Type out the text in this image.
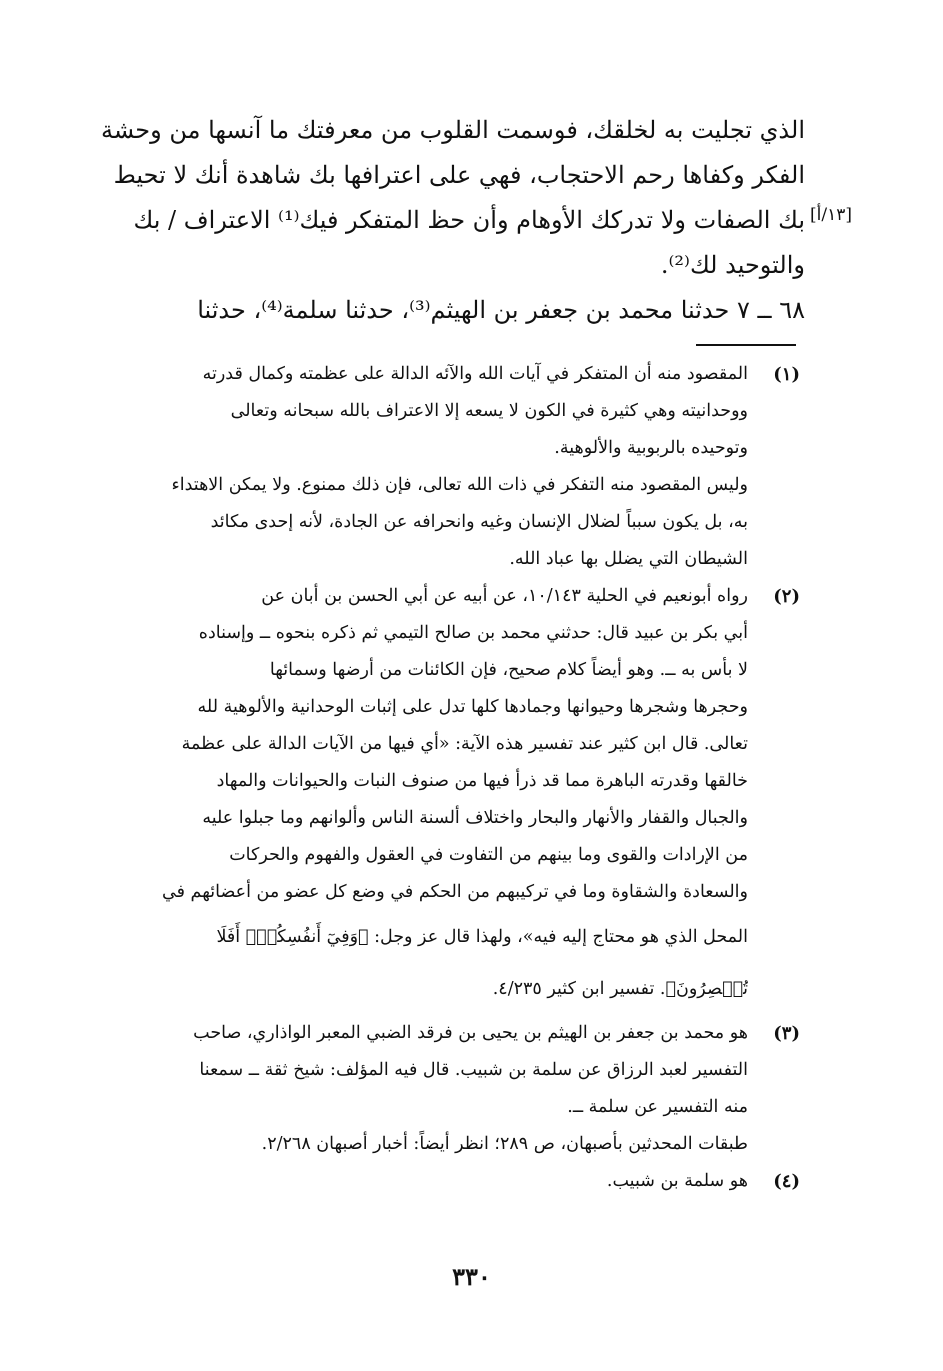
[١٣/أ]
الذي تجليت به لخلقك، فوسمت القلوب من معرفتك ما آنسها من وحشة
الفكر وكفاها رحم الاحتجاب، فهي على اعترافها بك شاهدة أنك لا تحيط
بك الصفات ولا تدركك الأوهام وأن حظ المتفكر فيك⁽¹⁾ الاعتراف / بك
والتوحيد لك⁽²⁾.
٦٨ ــ ٧ حدثنا محمد بن جعفر بن الهيثم⁽³⁾، حدثنا سلمة⁽⁴⁾، حدثنا
(١)
المقصود منه أن المتفكر في آيات الله والآئه الدالة على عظمته وكمال قدرته
ووحدانيته وهي كثيرة في الكون لا يسعه إلا الاعتراف بالله سبحانه وتعالى
وتوحيده بالربوبية والألوهية.
وليس المقصود منه التفكر في ذات الله تعالى، فإن ذلك ممنوع. ولا يمكن الاهتداء
به، بل يكون سبباً لضلال الإنسان وغيه وانحرافه عن الجادة، لأنه إحدى مكائد
الشيطان التي يضلل بها عباد الله.
(٢)
رواه أبونعيم في الحلية ١٠/١٤٣، عن أبيه عن أبي الحسن بن أبان عن
أبي بكر بن عبيد قال: حدثني محمد بن صالح التيمي ثم ذكره بنحوه ــ وإسناده
لا بأس به ــ. وهو أيضاً كلام صحيح، فإن الكائنات من أرضها وسمائها
وحجرها وشجرها وحيوانها وجمادها كلها تدل على إثبات الوحدانية والألوهية لله
تعالى. قال ابن كثير عند تفسير هذه الآية: «أي فيها من الآيات الدالة على عظمة
خالقها وقدرته الباهرة مما قد ذرأ فيها من صنوف النبات والحيوانات والمهاد
والجبال والقفار والأنهار والبحار واختلاف ألسنة الناس وألوانهم وما جبلوا عليه
من الإرادات والقوى وما بينهم من التفاوت في العقول والفهوم والحركات
والسعادة والشقاوة وما في تركيبهم من الحكم في وضع كل عضو من أعضائهم في
المحل الذي هو محتاج إليه فيه»، ولهذا قال عز وجل: ﴿وَفِيٓ أَنفُسِكُمۡۚ أَفَلَا
تُبۡصِرُونَ﴾. تفسير ابن كثير ٤/٢٣٥.
(٣)
هو محمد بن جعفر بن الهيثم بن يحيى بن فرقد الضبي المعبر الواذاري، صاحب
التفسير لعبد الرزاق عن سلمة بن شبيب. قال فيه المؤلف: شيخ ثقة ــ سمعنا
منه التفسير عن سلمة ــ.
طبقات المحدثين بأصبهان، ص ٢٨٩؛ انظر أيضاً: أخبار أصبهان ٢/٢٦٨.
(٤)
هو سلمة بن شبيب.
٣٣٠
